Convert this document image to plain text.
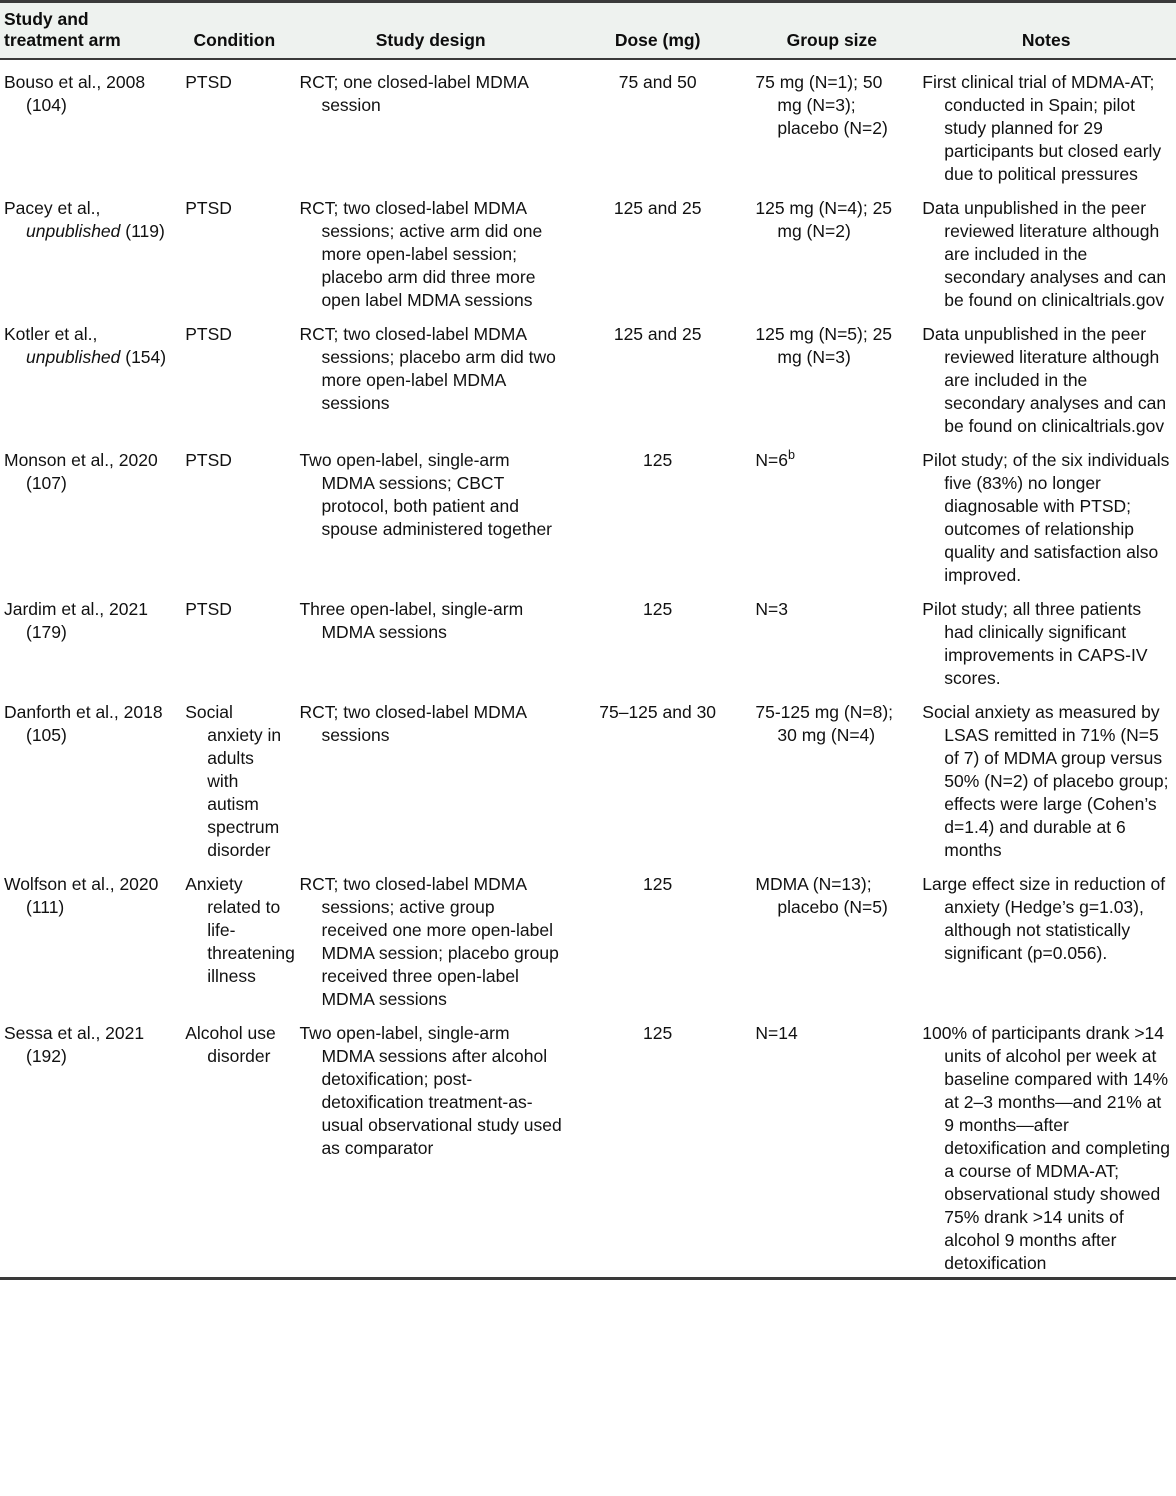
Study and
treatment arm	Condition	Study design	Dose (mg)	Group size	Notes
Bouso et al., 2008 (104)	PTSD	RCT; one closed-label MDMA session	75 and 50	75 mg (N=1); 50 mg (N=3); placebo (N=2)	First clinical trial of MDMA-AT; conducted in Spain; pilot study planned for 29 participants but closed early due to political pressures

Pacey et al., unpublished (119)	PTSD	RCT; two closed-label MDMA sessions; active arm did one more open-label session; placebo arm did three more open label MDMA sessions	125 and 25	125 mg (N=4); 25 mg (N=2)	Data unpublished in the peer reviewed literature although are included in the secondary analyses and can be found on clinicaltrials.gov

Kotler et al., unpublished (154)	PTSD	RCT; two closed-label MDMA sessions; placebo arm did two more open-label MDMA sessions	125 and 25	125 mg (N=5); 25 mg (N=3)	Data unpublished in the peer reviewed literature although are included in the secondary analyses and can be found on clinicaltrials.gov

Monson et al., 2020 (107)	PTSD	Two open-label, single-arm MDMA sessions; CBCT protocol, both patient and spouse administered together	125	N=6$^b$	Pilot study; of the six individuals five (83%) no longer diagnosable with PTSD; outcomes of relationship quality and satisfaction also improved.

Jardim et al., 2021 (179)	PTSD	Three open-label, single-arm MDMA sessions	125	N=3	Pilot study; all three patients had clinically significant improvements in CAPS-IV scores.

Danforth et al., 2018 (105)	Social anxiety in adults with autism spectrum disorder	RCT; two closed-label MDMA sessions	75–125 and 30	75-125 mg (N=8); 30 mg (N=4)	Social anxiety as measured by LSAS remitted in 71% (N=5 of 7) of MDMA group versus 50% (N=2) of placebo group; effects were large (Cohen’s d=1.4) and durable at 6 months

Wolfson et al., 2020 (111)	Anxiety related to life-threatening illness	RCT; two closed-label MDMA sessions; active group received one more open-label MDMA session; placebo group received three open-label MDMA sessions	125	MDMA (N=13); placebo (N=5)	Large effect size in reduction of anxiety (Hedge’s g=1.03), although not statistically significant (p=0.056).

Sessa et al., 2021 (192)	Alcohol use disorder	Two open-label, single-arm MDMA sessions after alcohol detoxification; post-detoxification treatment-as-usual observational study used as comparator	125	N=14	100% of participants drank >14 units of alcohol per week at baseline compared with 14% at 2–3 months—and 21% at 9 months—after detoxification and completing a course of MDMA-AT; observational study showed 75% drank >14 units of alcohol 9 months after detoxification
